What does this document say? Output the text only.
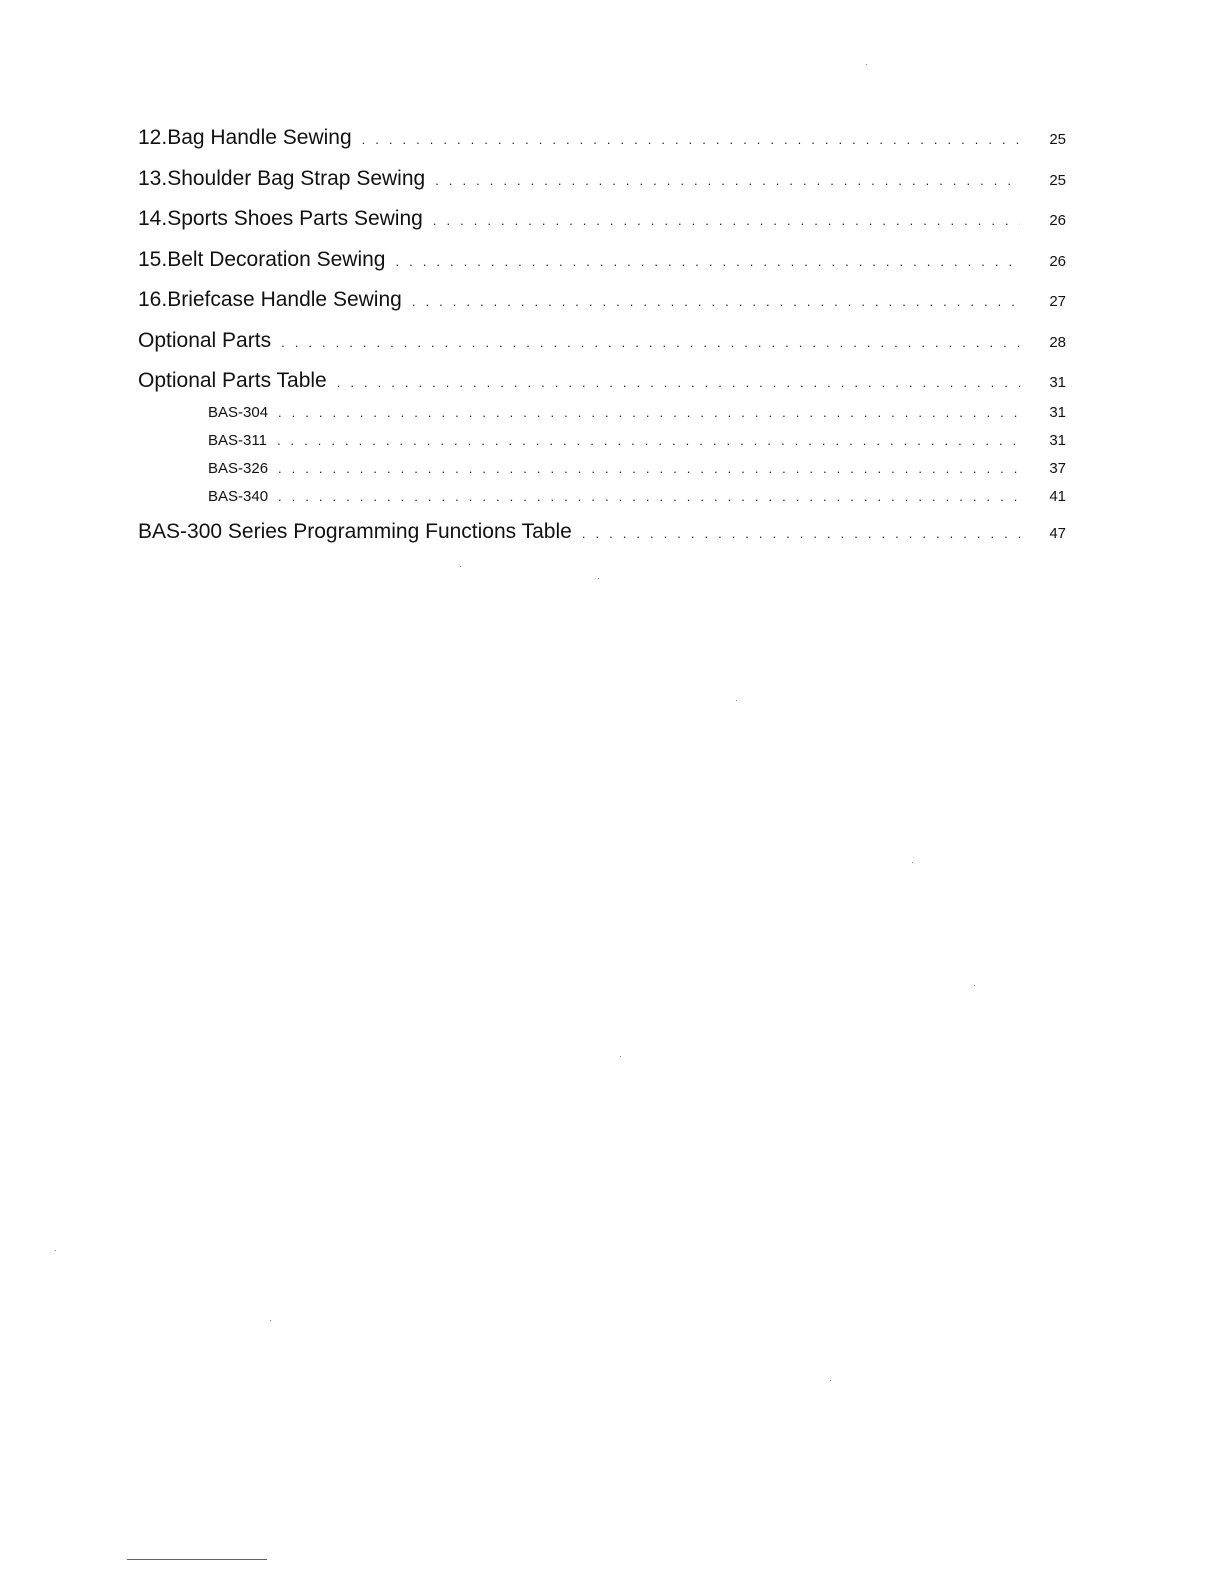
12.Bag Handle Sewing . . .	25
13.Shoulder Bag Strap Sewing . . .	25
14.Sports Shoes Parts Sewing . . .	26
15.Belt Decoration Sewing . . .	26
16.Briefcase Handle Sewing . . .	27
Optional Parts . . .	28
Optional Parts Table . . .	31
BAS-304 . . .	31
BAS-311 . . .	31
BAS-326 . . .	37
BAS-340 . . .	41
BAS-300 Series Programming Functions Table . . .	47
